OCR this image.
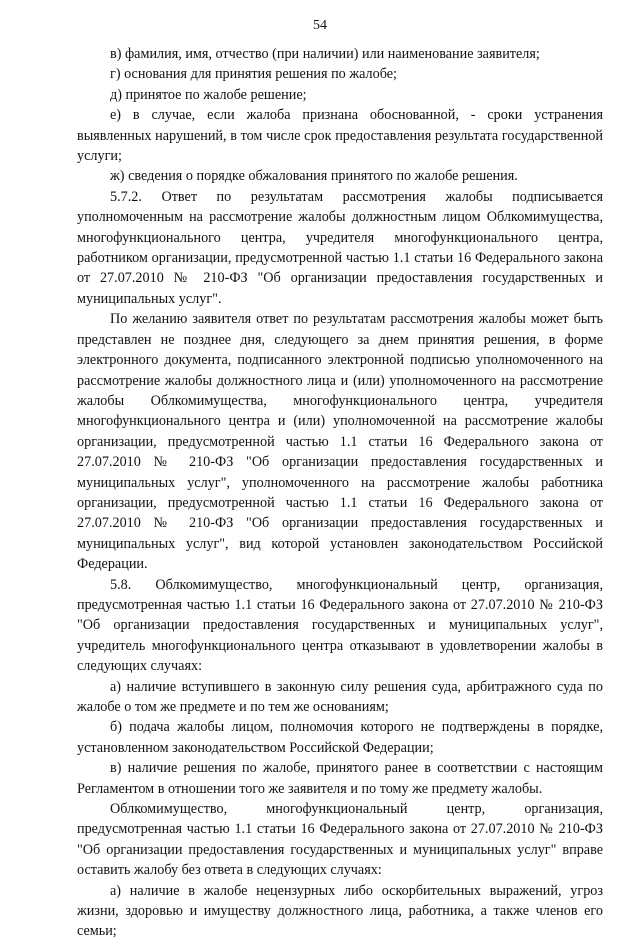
54

в) фамилия, имя, отчество (при наличии) или наименование заявителя;

г) основания для принятия решения по жалобе;

д) принятое по жалобе решение;

е) в случае, если жалоба признана обоснованной, - сроки устранения выявленных нарушений, в том числе срок предоставления результата государственной услуги;

ж) сведения о порядке обжалования принятого по жалобе решения.

5.7.2. Ответ по результатам рассмотрения жалобы подписывается уполномоченным на рассмотрение жалобы должностным лицом Облкомимущества, многофункционального центра, учредителя многофункционального центра, работником организации, предусмотренной частью 1.1 статьи 16 Федерального закона от 27.07.2010 № 210-ФЗ "Об организации предоставления государственных и муниципальных услуг".

По желанию заявителя ответ по результатам рассмотрения жалобы может быть представлен не позднее дня, следующего за днем принятия решения, в форме электронного документа, подписанного электронной подписью уполномоченного на рассмотрение жалобы должностного лица и (или) уполномоченного на рассмотрение жалобы Облкомимущества, многофункционального центра, учредителя многофункционального центра и (или) уполномоченной на рассмотрение жалобы организации, предусмотренной частью 1.1 статьи 16 Федерального закона от 27.07.2010 № 210-ФЗ "Об организации предоставления государственных и муниципальных услуг", уполномоченного на рассмотрение жалобы работника организации, предусмотренной частью 1.1 статьи 16 Федерального закона от 27.07.2010 № 210-ФЗ "Об организации предоставления государственных и муниципальных услуг", вид которой установлен законодательством Российской Федерации.

5.8. Облкомимущество, многофункциональный центр, организация, предусмотренная частью 1.1 статьи 16 Федерального закона от 27.07.2010 № 210-ФЗ "Об организации предоставления государственных и муниципальных услуг", учредитель многофункционального центра отказывают в удовлетворении жалобы в следующих случаях:

а) наличие вступившего в законную силу решения суда, арбитражного суда по жалобе о том же предмете и по тем же основаниям;

б) подача жалобы лицом, полномочия которого не подтверждены в порядке, установленном законодательством Российской Федерации;

в) наличие решения по жалобе, принятого ранее в соответствии с настоящим Регламентом в отношении того же заявителя и по тому же предмету жалобы.

Облкомимущество, многофункциональный центр, организация, предусмотренная частью 1.1 статьи 16 Федерального закона от 27.07.2010 № 210-ФЗ "Об организации предоставления государственных и муниципальных услуг" вправе оставить жалобу без ответа в следующих случаях:

а) наличие в жалобе нецензурных либо оскорбительных выражений, угроз жизни, здоровью и имуществу должностного лица, работника, а также членов его семьи;
